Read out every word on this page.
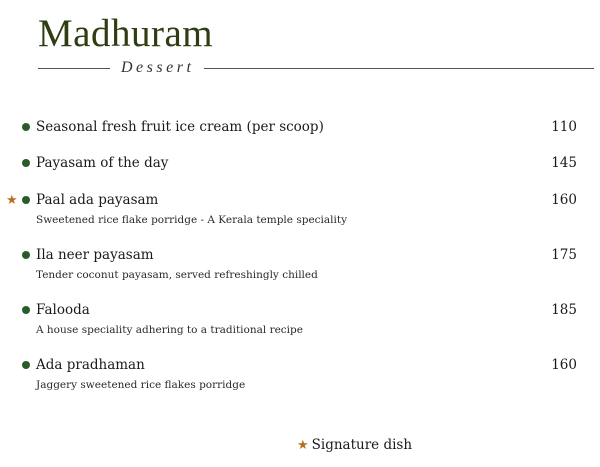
Madhuram
Dessert
Seasonal fresh fruit ice cream (per scoop)	110
Payasam of the day	145
★ Paal ada payasam	160
Sweetened rice flake porridge - A Kerala temple speciality
Ila neer payasam	175
Tender coconut payasam, served refreshingly chilled
Falooda	185
A house speciality adhering to a traditional recipe
Ada pradhaman	160
Jaggery sweetened rice flakes porridge
★ Signature dish
